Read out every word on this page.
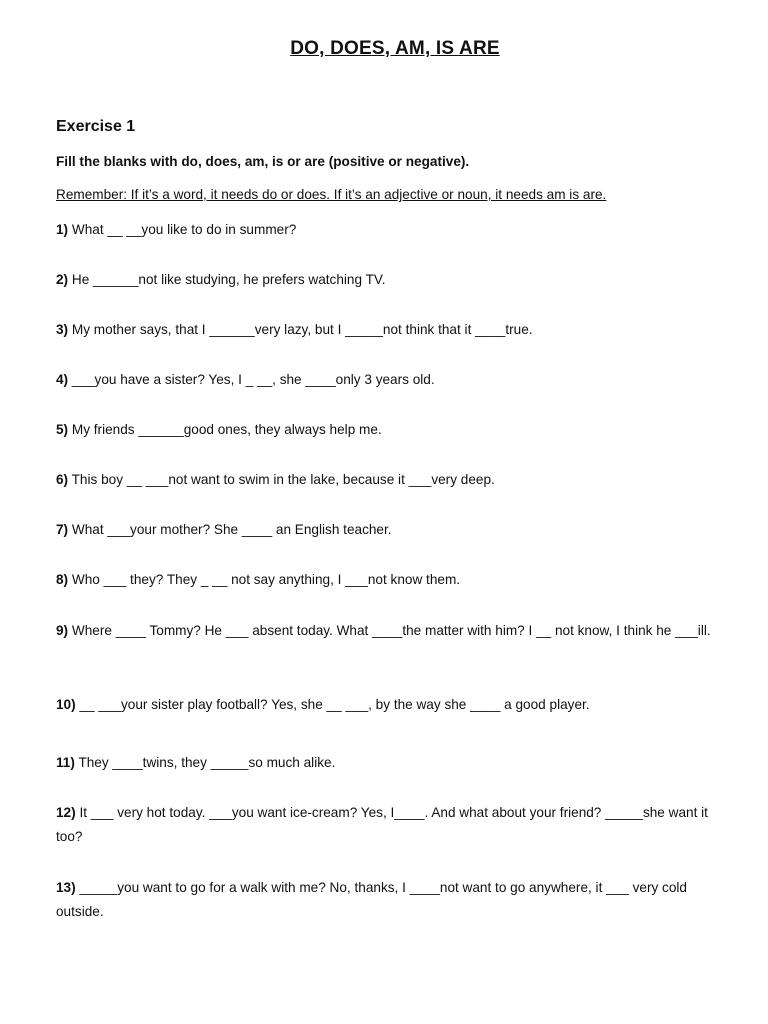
DO, DOES, AM, IS ARE
Exercise 1
Fill the blanks with do, does, am, is or are (positive or negative).
Remember: If it’s a word, it needs do or does. If it’s an adjective or noun, it needs am is are.
1) What __ __you like to do in summer?
2) He ______not like studying, he prefers watching TV.
3) My mother says, that I ______very lazy, but I _____not think that it ____true.
4) ___you have a sister? Yes, I _ __, she ____only 3 years old.
5) My friends ______good ones, they always help me.
6) This boy __ ___not want to swim in the lake, because it ___very deep.
7) What ___your mother? She ____ an English teacher.
8) Who ___ they? They _ __ not say anything, I ___not know them.
9) Where ____ Tommy? He ___ absent today. What ____the matter with him? I __ not know, I think he ___ill.
10) __ ___your sister play football? Yes, she __ ___, by the way she ____ a good player.
11) They ____twins, they _____so much alike.
12) It ___ very hot today. ___you want ice-cream? Yes, I____. And what about your friend? _____she want it too?
13) _____you want to go for a walk with me? No, thanks, I ____not want to go anywhere, it ___ very cold outside.
